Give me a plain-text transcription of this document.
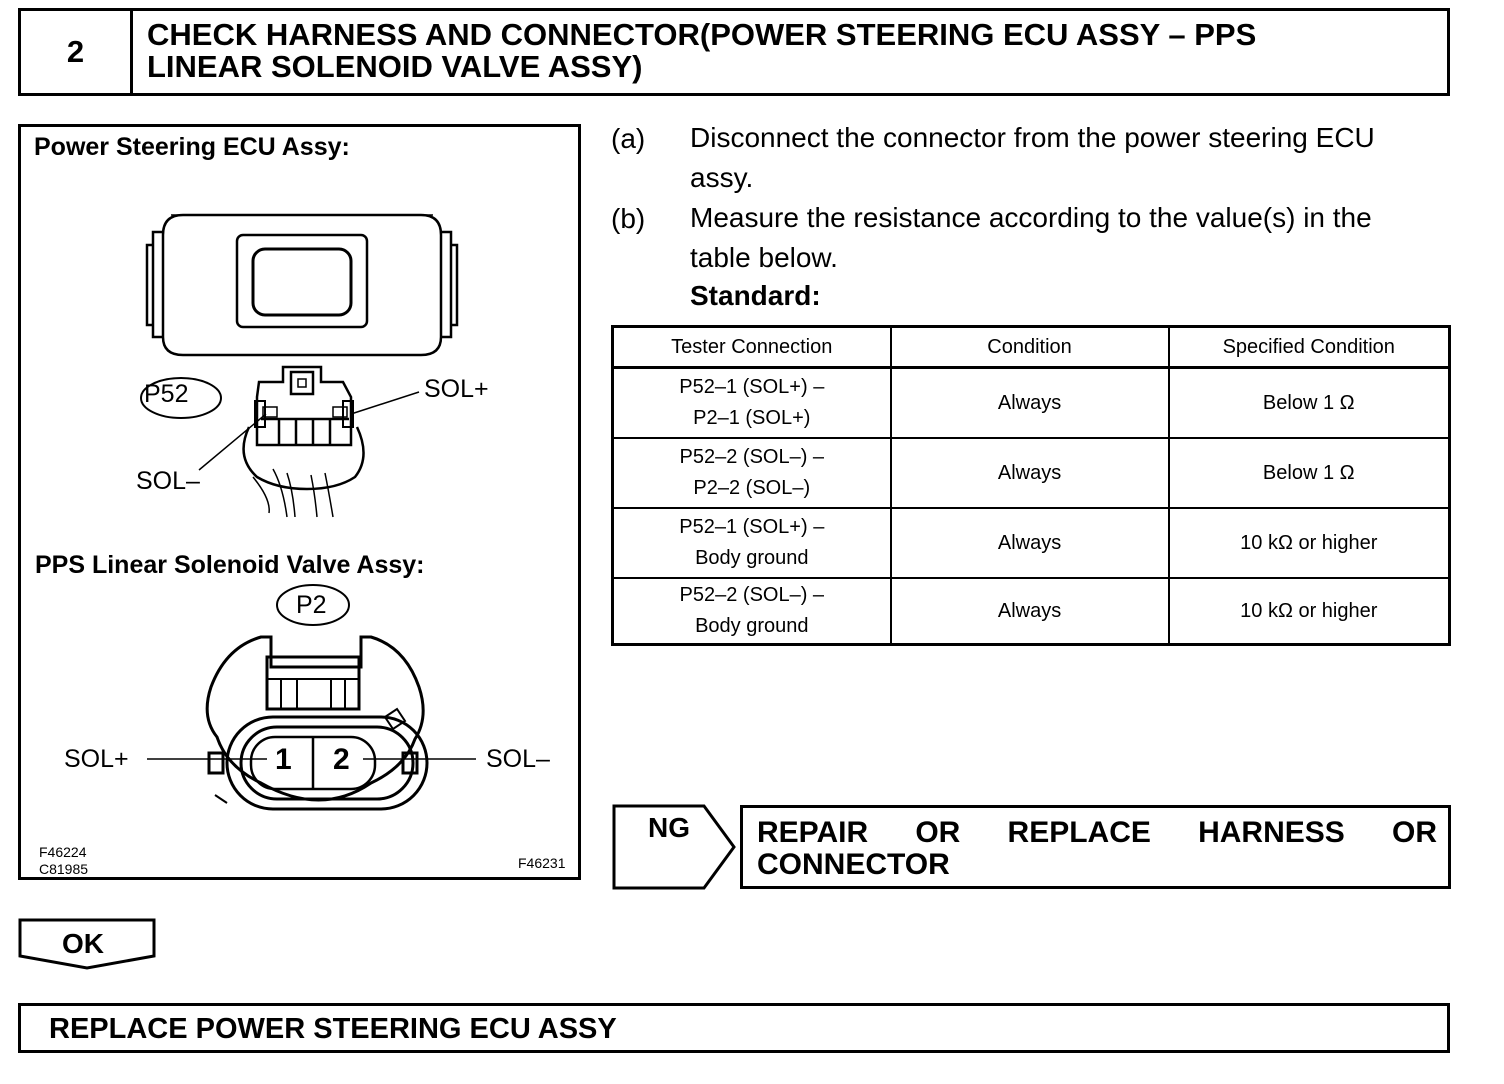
2	CHECK HARNESS AND CONNECTOR(POWER STEERING ECU ASSY – PPS
LINEAR SOLENOID VALVE ASSY)
Power Steering ECU Assy:
P52	SOL+
SOL–
PPS Linear Solenoid Valve Assy:
P2
SOL+	SOL–
1 2
F46224
C81985	F46231
(a) Disconnect the connector from the power steering ECU
assy.
(b) Measure the resistance according to the value(s) in the
table below.
Standard:
Tester Connection	Condition	Specified Condition

P52–1 (SOL+) –
P2–1 (SOL+)	Always	Below 1 Ω

P52–2 (SOL–) –
P2–2 (SOL–)	Always	Below 1 Ω

P52–1 (SOL+) –
Body ground	Always	10 kΩ or higher

P52–2 (SOL–) –
Body ground	Always	10 kΩ or higher
NG REPAIR OR REPLACE HARNESS OR
CONNECTOR
OK
REPLACE POWER STEERING ECU ASSY
